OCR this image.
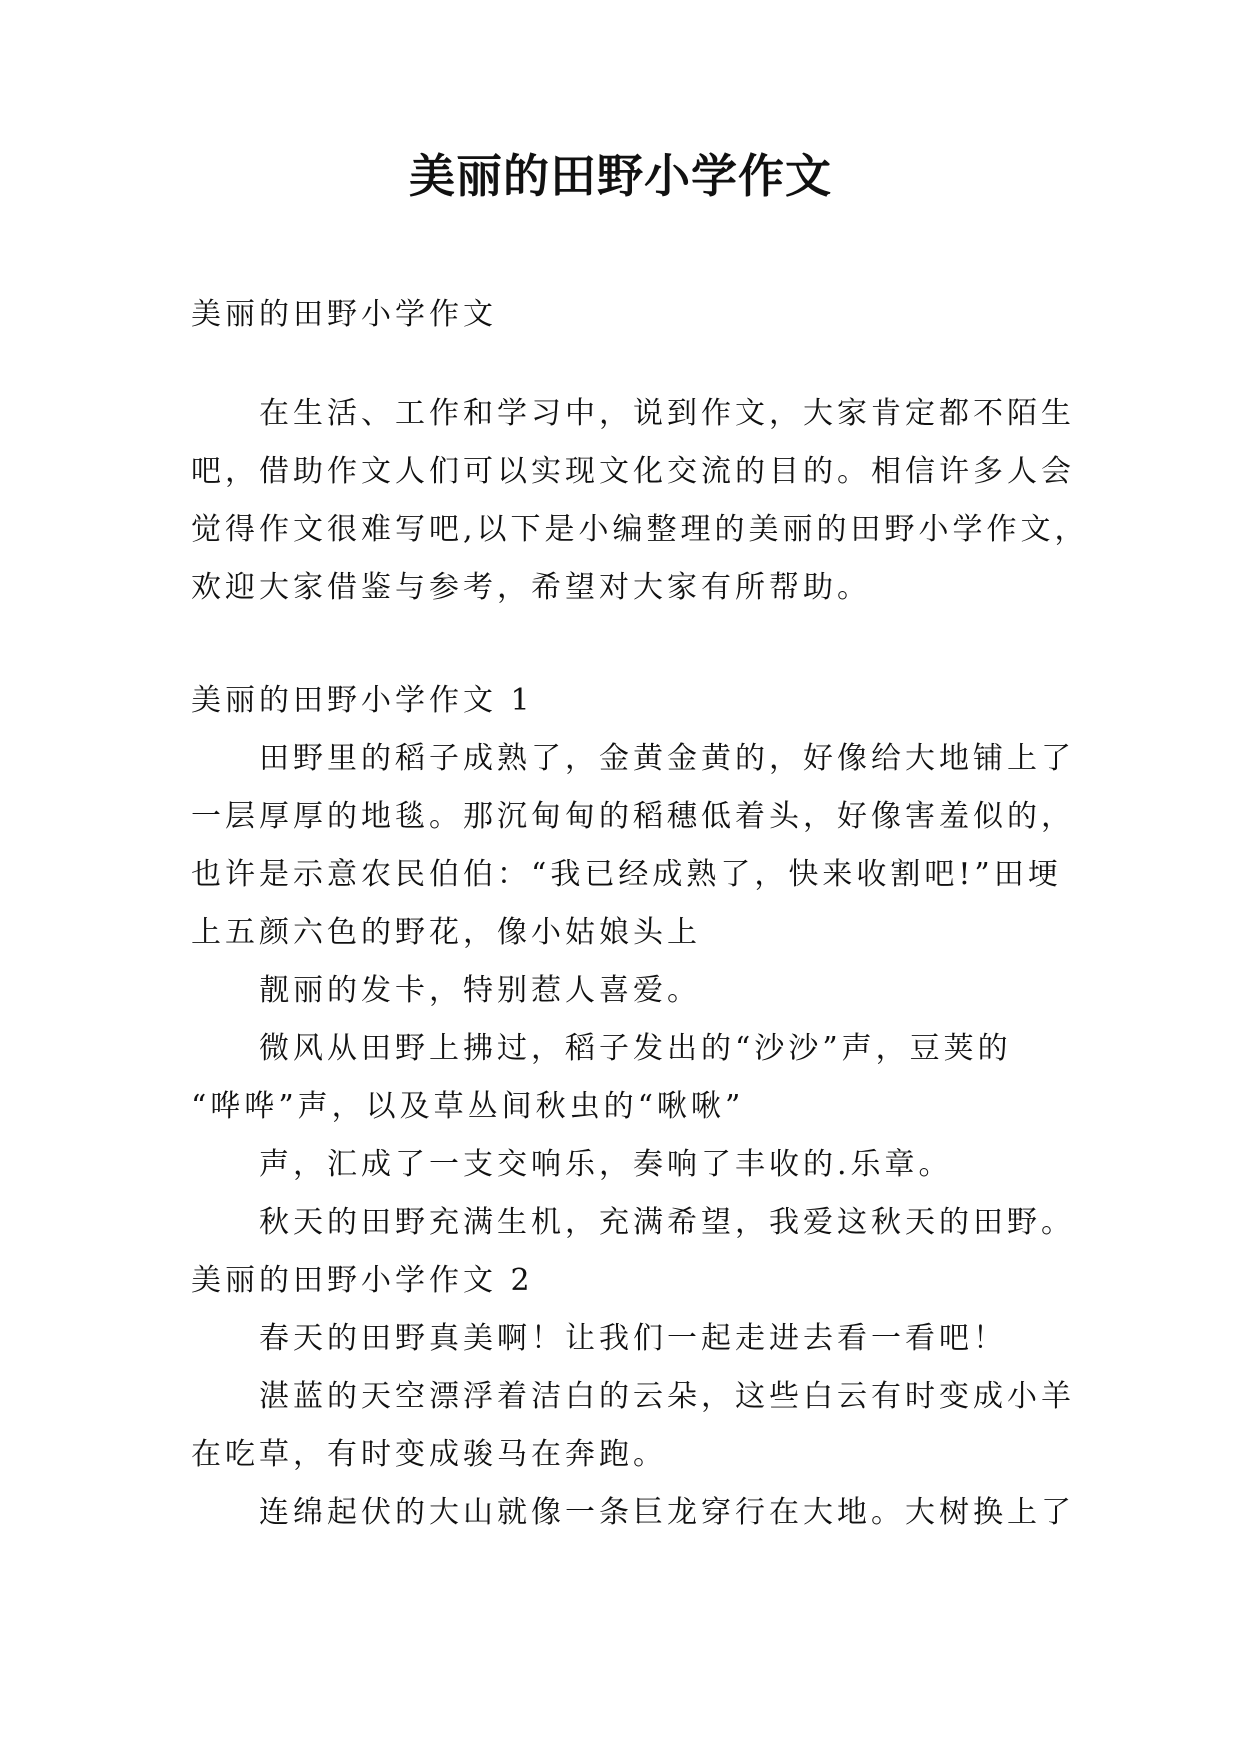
美丽的田野小学作文
美丽的田野小学作文
在生活、工作和学习中，说到作文，大家肯定都不陌生
吧，借助作文人们可以实现文化交流的目的。相信许多人会
觉得作文很难写吧,以下是小编整理的美丽的田野小学作文，
欢迎大家借鉴与参考，希望对大家有所帮助。
美丽的田野小学作文 1
田野里的稻子成熟了，金黄金黄的，好像给大地铺上了
一层厚厚的地毯。那沉甸甸的稻穗低着头，好像害羞似的，
也许是示意农民伯伯：“我已经成熟了，快来收割吧!”田埂
上五颜六色的野花，像小姑娘头上
靓丽的发卡，特别惹人喜爱。
微风从田野上拂过，稻子发出的“沙沙”声，豆荚的
“哗哗”声，以及草丛间秋虫的“啾啾”
声，汇成了一支交响乐，奏响了丰收的.乐章。
秋天的田野充满生机，充满希望，我爱这秋天的田野。
美丽的田野小学作文 2
春天的田野真美啊！让我们一起走进去看一看吧！
湛蓝的天空漂浮着洁白的云朵，这些白云有时变成小羊
在吃草，有时变成骏马在奔跑。
连绵起伏的大山就像一条巨龙穿行在大地。大树换上了
